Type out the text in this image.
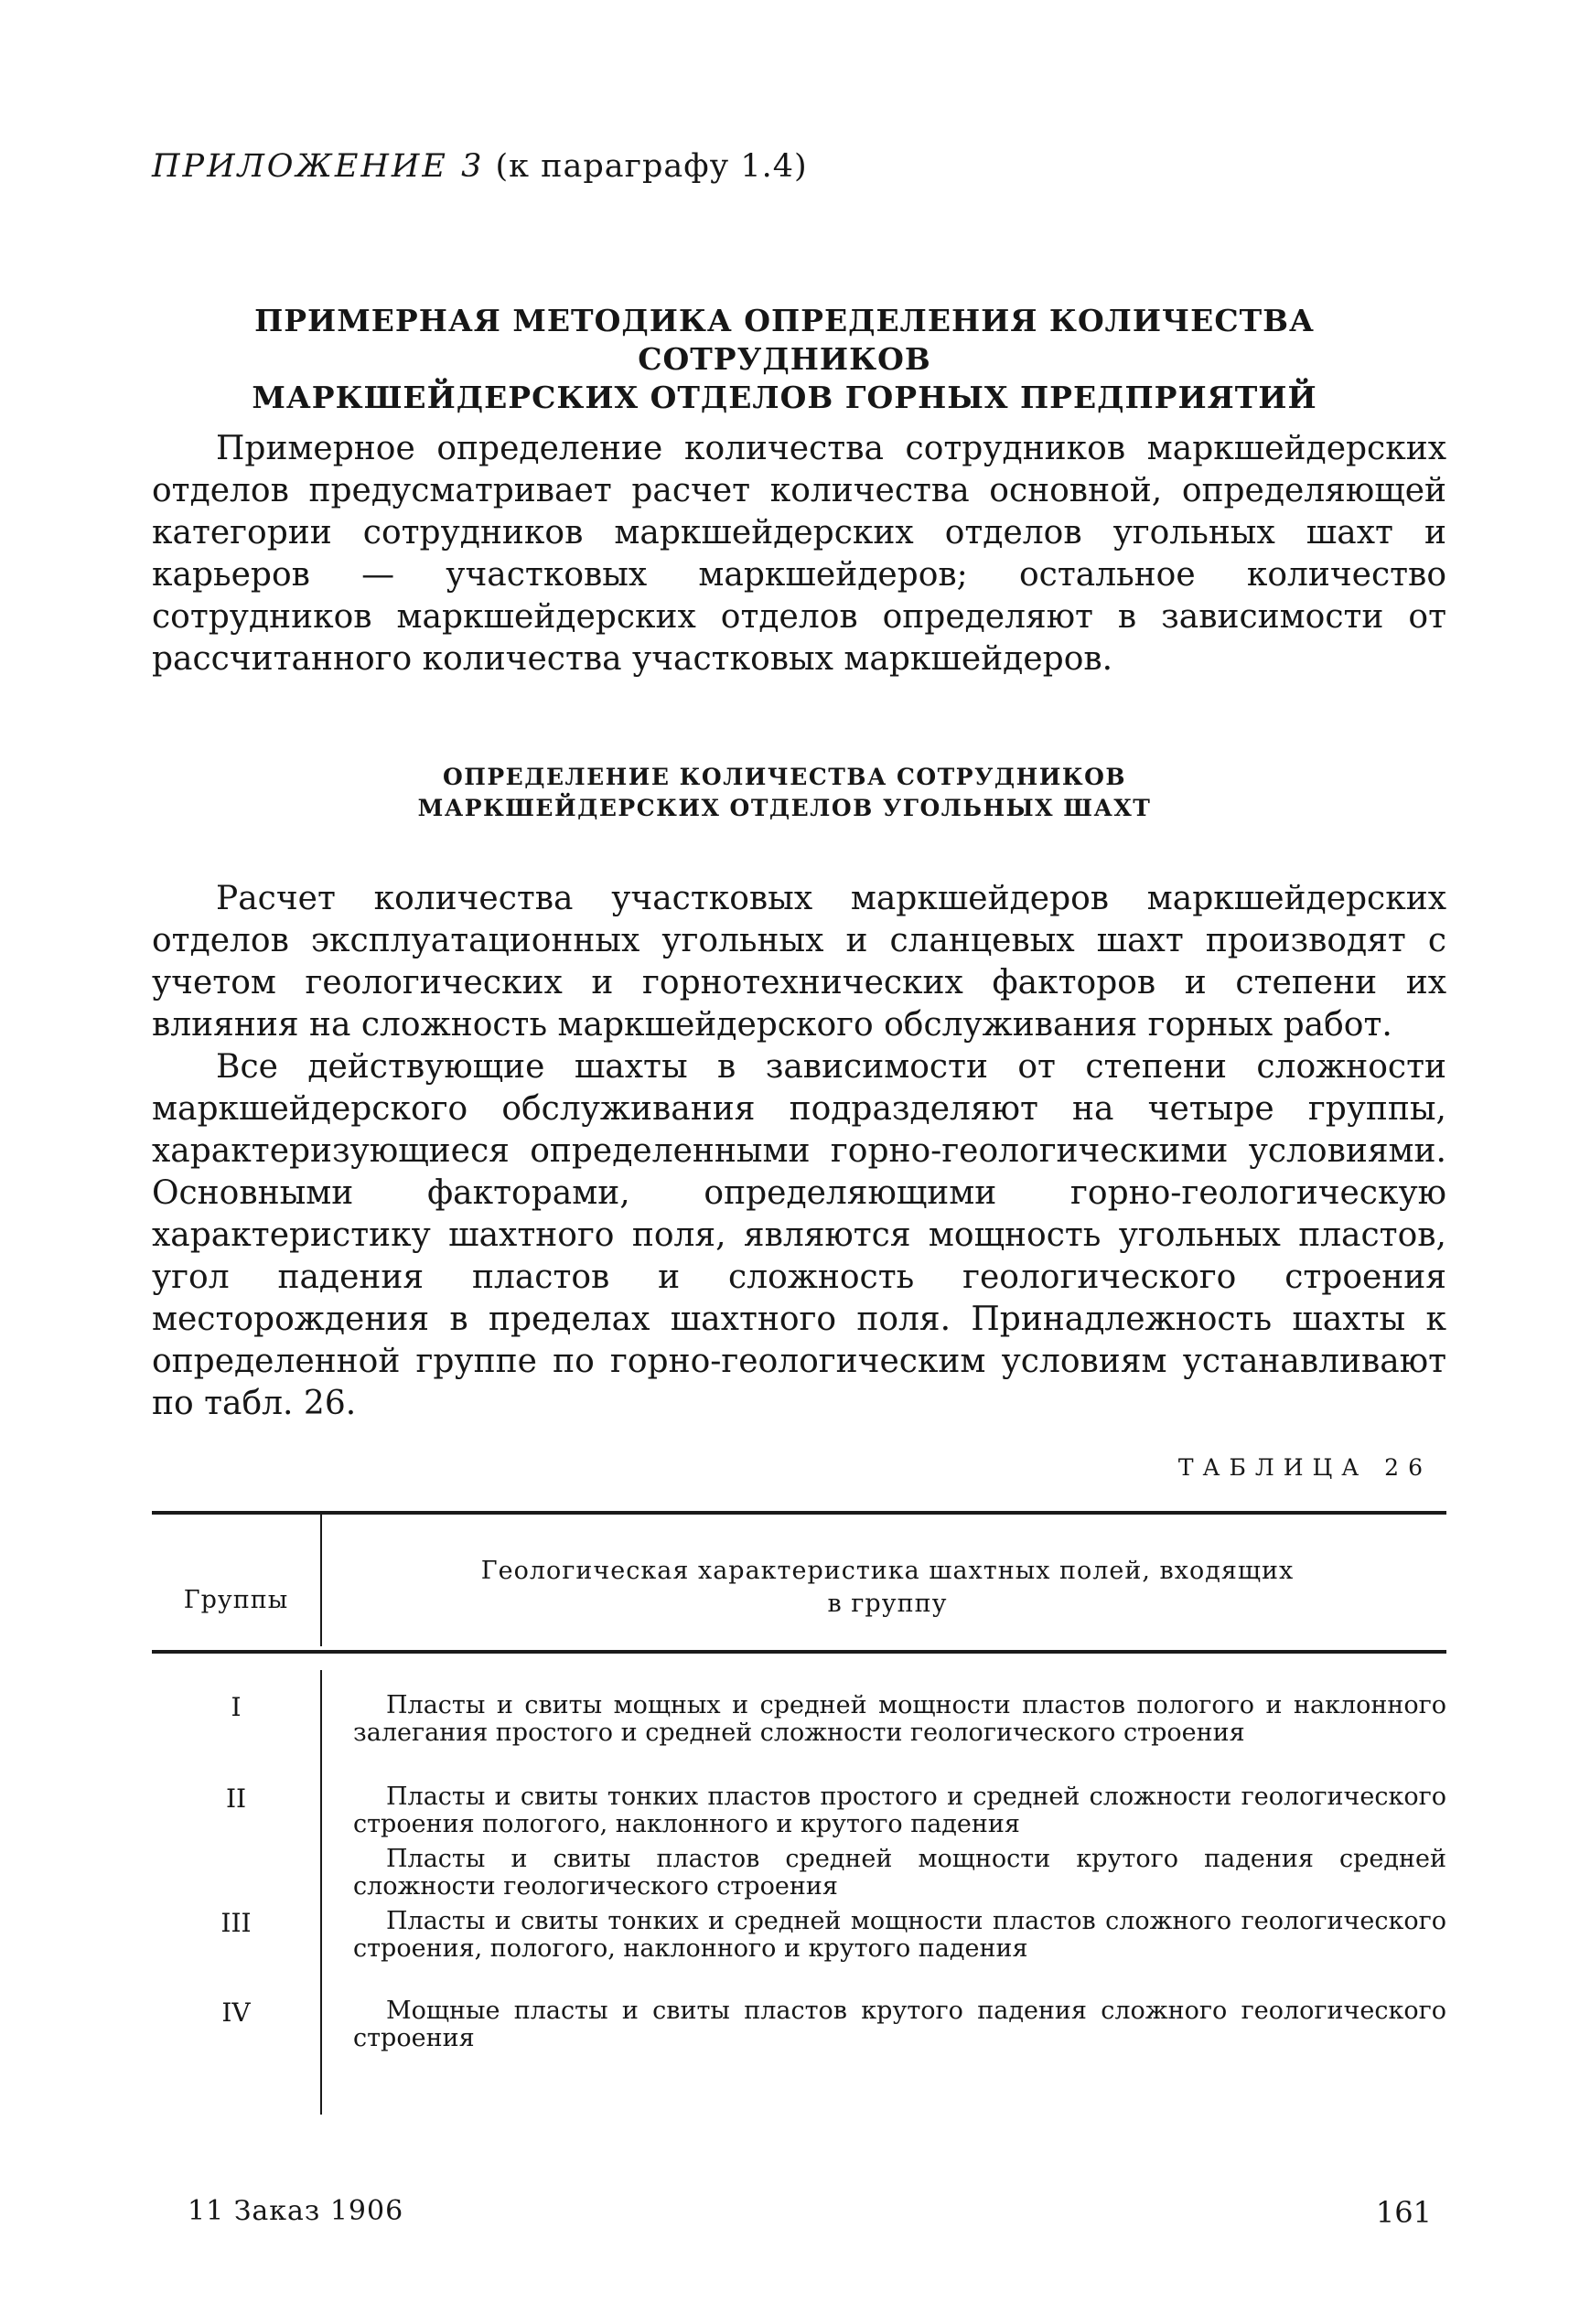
ПРИЛОЖЕНИЕ 3 (к параграфу 1.4)
ПРИМЕРНАЯ МЕТОДИКА ОПРЕДЕЛЕНИЯ КОЛИЧЕСТВА СОТРУДНИКОВ
МАРКШЕЙДЕРСКИХ ОТДЕЛОВ ГОРНЫХ ПРЕДПРИЯТИЙ
Примерное определение количества сотрудников маркшейдерских отделов предусматривает расчет количества основной, определяющей категории сотрудников маркшейдерских отделов угольных шахт и карьеров — участковых маркшейдеров; остальное количество сотрудников маркшейдерских отделов определяют в зависимости от рассчитанного количества участковых маркшейдеров.
ОПРЕДЕЛЕНИЕ КОЛИЧЕСТВА СОТРУДНИКОВ
МАРКШЕЙДЕРСКИХ ОТДЕЛОВ УГОЛЬНЫХ ШАХТ
Расчет количества участковых маркшейдеров маркшейдерских отделов эксплуатационных угольных и сланцевых шахт производят с учетом геологических и горнотехнических факторов и степени их влияния на сложность маркшейдерского обслуживания горных работ.
Все действующие шахты в зависимости от степени сложности маркшейдерского обслуживания подразделяют на четыре группы, характеризующиеся определенными горно-геологическими условиями. Основными факторами, определяющими горно-геологическую характеристику шахтного поля, являются мощность угольных пластов, угол падения пластов и сложность геологического строения месторождения в пределах шахтного поля. Принадлежность шахты к определенной группе по горно-геологическим условиям устанавливают по табл. 26.
ТАБЛИЦА 26
Группы
Геологическая характеристика шахтных полей, входящих
в группу
I	Пласты и свиты мощных и средней мощности пластов пологого и наклонного залегания простого и средней сложности геологического строения
II	Пласты и свиты тонких пластов простого и средней сложности геологического строения пологого, наклонного и крутого падения
Пласты и свиты пластов средней мощности крутого падения средней сложности геологического строения
III	Пласты и свиты тонких и средней мощности пластов сложного геологического строения, пологого, наклонного и крутого падения
IV	Мощные пласты и свиты пластов крутого падения сложного геологического строения
11 Заказ 1906	161
